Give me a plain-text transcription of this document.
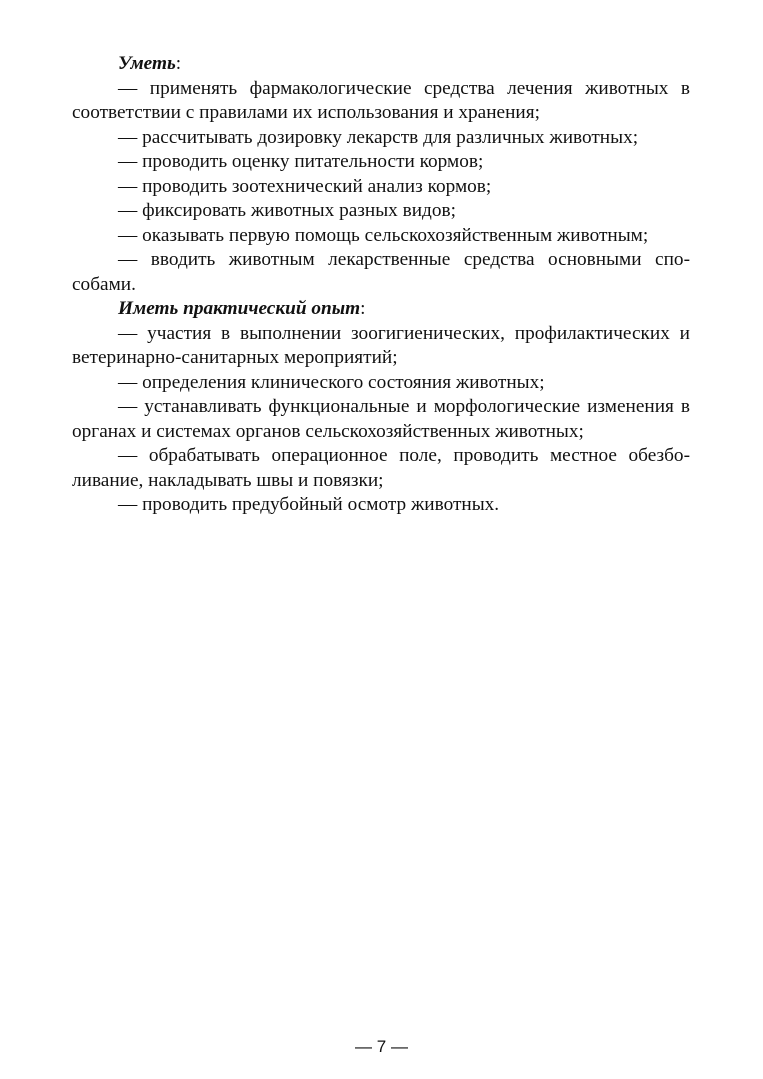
Уметь:

— применять фармакологические средства лечения животных в соответствии с правилами их использования и хранения;

— рассчитывать дозировку лекарств для различных животных;

— проводить оценку питательности кормов;

— проводить зоотехнический анализ кормов;

— фиксировать животных разных видов;

— оказывать первую помощь сельскохозяйственным животным;

— вводить животным лекарственные средства основными способами.

Иметь практический опыт:

— участия в выполнении зоогигиенических, профилактических и ветеринарно-санитарных мероприятий;

— определения клинического состояния животных;

— устанавливать функциональные и морфологические изменения в органах и системах органов сельскохозяйственных животных;

— обрабатывать операционное поле, проводить местное обезболивание, накладывать швы и повязки;

— проводить предубойный осмотр животных.

— 7 —
